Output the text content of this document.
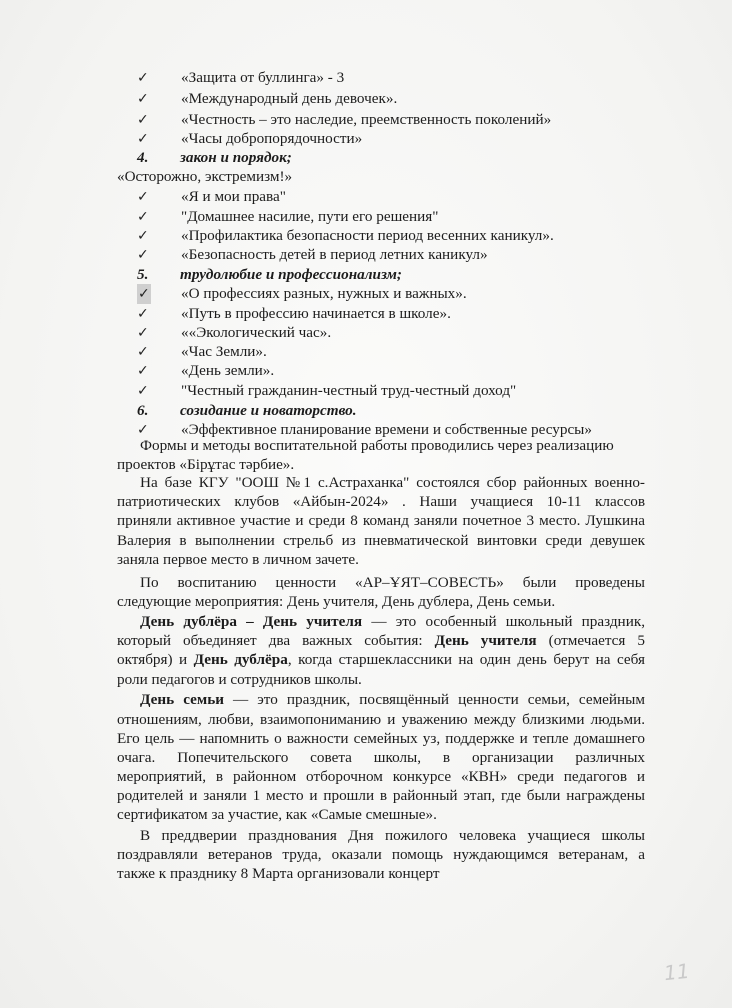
✓ «Защита от буллинга» - 3
✓ «Международный день девочек».
✓ «Честность – это наследие, преемственность поколений»
✓ «Часы добропорядочности»
4. закон и порядок;
«Осторожно, экстремизм!»
✓ «Я и мои права"
✓ "Домашнее насилие, пути его решения"
✓ «Профилактика безопасности период весенних каникул».
✓ «Безопасность детей в период летних каникул»
5. трудолюбие и профессионализм;
✓ «О профессиях разных, нужных и важных».
✓ «Путь в профессию начинается в школе».
✓ ««Экологический час».
✓ «Час Земли».
✓ «День земли».
✓ "Честный гражданин-честный труд-честный доход"
6. созидание и новаторство.
✓ «Эффективное планирование времени и собственные ресурсы»
Формы и методы воспитательной работы проводились через реализацию
проектов «Бірұтас тәрбие».
На базе КГУ "ООШ №1 с.Астраханка" состоялся сбор районных военно-
патриотических клубов «Айбын-2024» . Наши учащиеся 10-11 классов
приняли активное участие и среди 8 команд заняли почетное 3 место. Лушкина
Валерия в выполнении стрельб из пневматической винтовки среди девушек
заняла первое место в личном зачете.
По воспитанию ценности «АР–ҰЯТ–СОВЕСТЬ» были проведены
следующие мероприятия: День учителя, День дублера, День семьи.
День дублёра – День учителя — это особенный школьный праздник,
который объединяет два важных события: День учителя (отмечается 5
октября) и День дублёра, когда старшеклассники на один день берут на себя
роли педагогов и сотрудников школы.
День семьи — это праздник, посвящённый ценности семьи, семейным
отношениям, любви, взаимопониманию и уважению между близкими людьми.
Его цель — напомнить о важности семейных уз, поддержке и тепле домашнего
очага. Попечительского совета школы, в организации различных
мероприятий, в районном отборочном конкурсе «КВН» среди педагогов и
родителей и заняли 1 место и прошли в районный этап, где были награждены
сертификатом за участие, как «Самые смешные».
В преддверии празднования Дня пожилого человека учащиеся школы
поздравляли ветеранов труда, оказали помощь нуждающимся ветеранам, а
также к празднику 8 Марта организовали концерт
11
